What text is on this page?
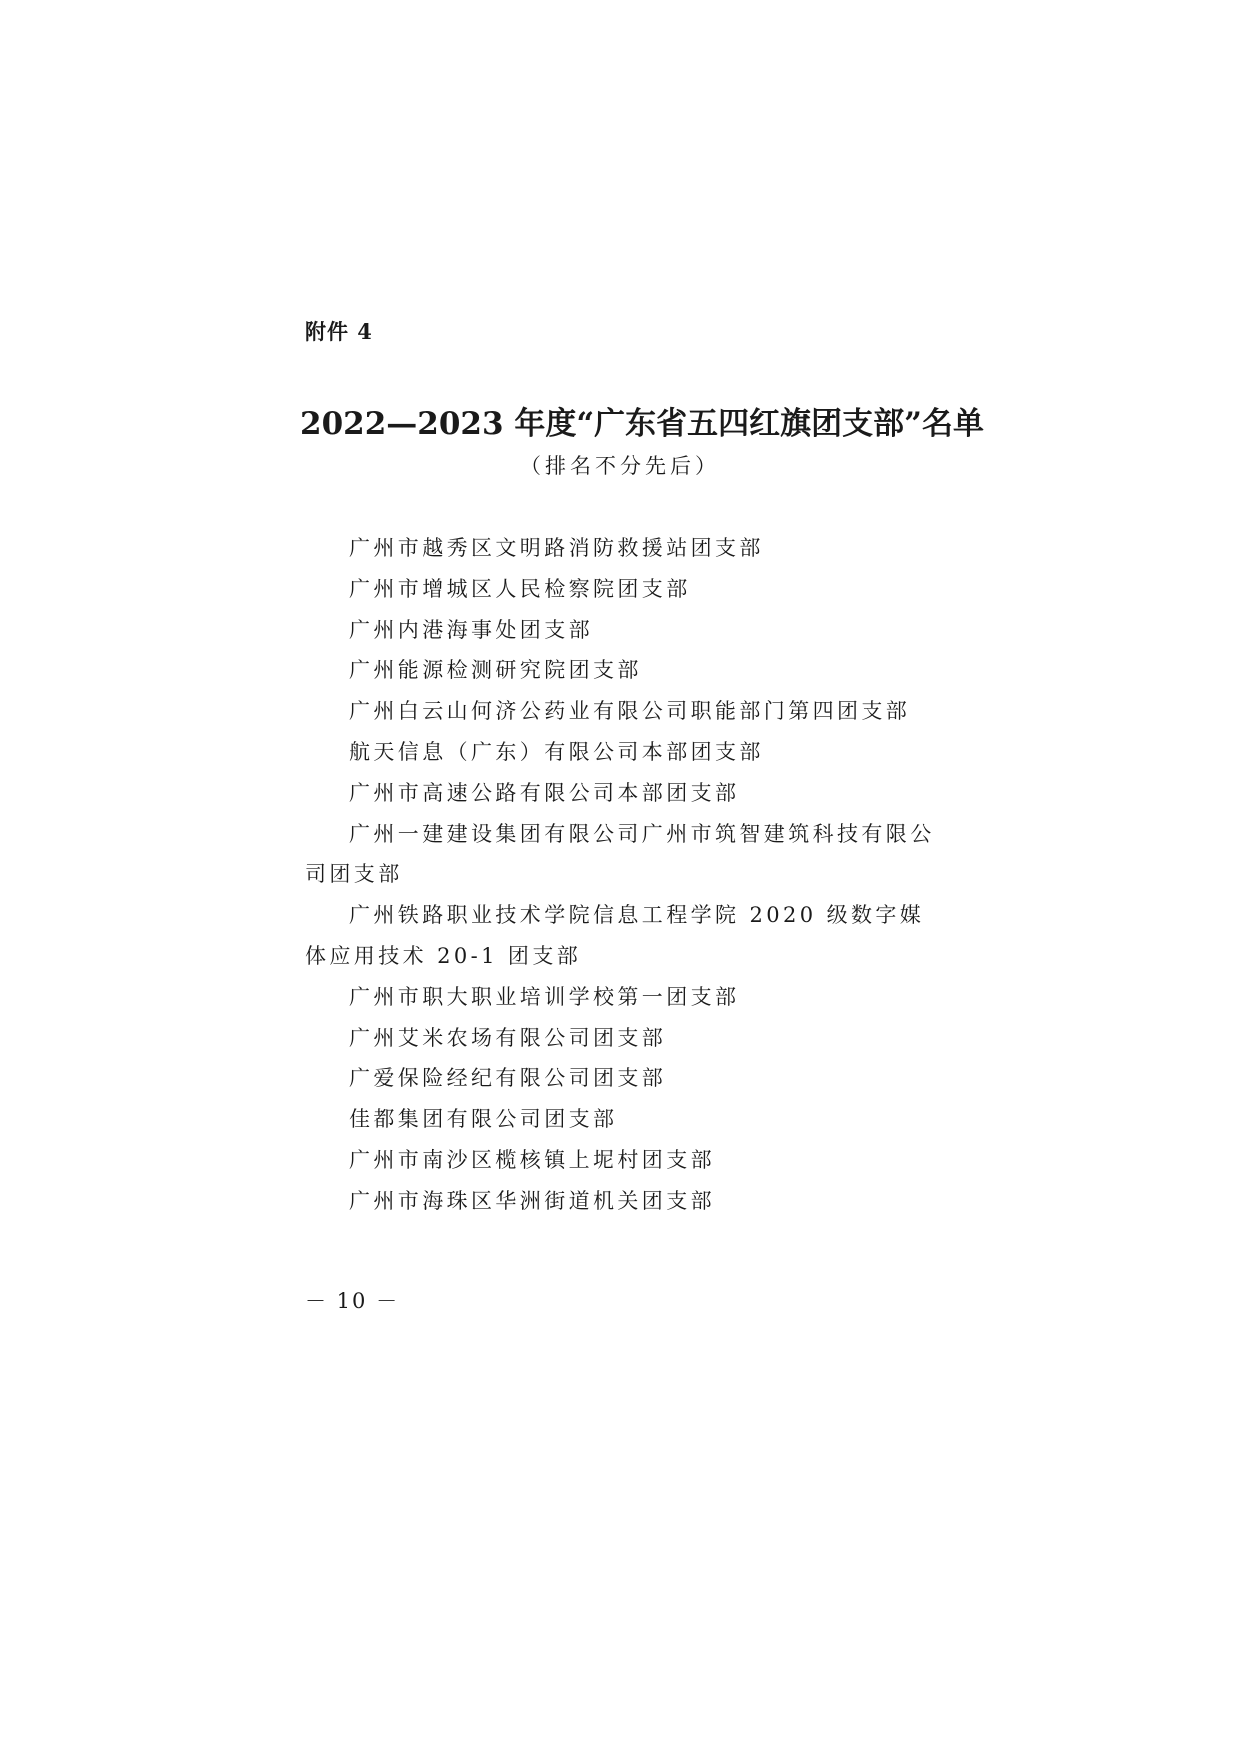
附件 4
2022—2023 年度“广东省五四红旗团支部”名单
（排名不分先后）
广州市越秀区文明路消防救援站团支部
广州市增城区人民检察院团支部
广州内港海事处团支部
广州能源检测研究院团支部
广州白云山何济公药业有限公司职能部门第四团支部
航天信息（广东）有限公司本部团支部
广州市高速公路有限公司本部团支部
广州一建建设集团有限公司广州市筑智建筑科技有限公司团支部
广州铁路职业技术学院信息工程学院 2020 级数字媒体应用技术 20-1 团支部
广州市职大职业培训学校第一团支部
广州艾米农场有限公司团支部
广爱保险经纪有限公司团支部
佳都集团有限公司团支部
广州市南沙区榄核镇上坭村团支部
广州市海珠区华洲街道机关团支部
－ 10 －
